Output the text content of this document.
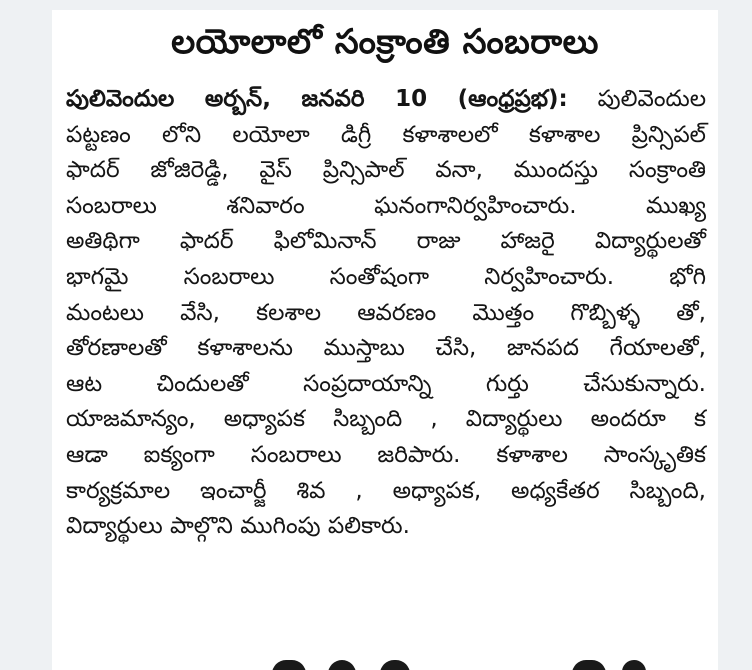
లయోలాలో సంక్రాంతి సంబరాలు
పులివెందుల అర్బన్, జనవరి 10 (ఆంధ్రప్రభ): పులివెందుల
పట్టణం లోని లయోలా డిగ్రీ కళాశాలలో కళాశాల ప్రిన్సిపల్
ఫాదర్ జోజిరెడ్డి, వైస్ ప్రిన్సిపాల్ వనా, ముందస్తు సంక్రాంతి
సంబరాలు శనివారం ఘనంగానిర్వహించారు. ముఖ్య
అతిథిగా ఫాదర్ ఫిలోమినాన్ రాజు హాజరై విద్యార్థులతో
భాగమై సంబరాలు సంతోషంగా నిర్వహించారు. భోగి
మంటలు వేసి, కలశాల ఆవరణం మొత్తం గొబ్బిళ్ళ తో,
తోరణాలతో కళాశాలను ముస్తాబు చేసి, జానపద గేయాలతో,
ఆట చిందులతో సంప్రదాయాన్ని గుర్తు చేసుకున్నారు.
యాజమాన్యం, అధ్యాపక సిబ్బంది , విద్యార్థులు అందరూ క
ఆడా ఐక్యంగా సంబరాలు జరిపారు. కళాశాల సాంస్కృతిక
కార్యక్రమాల ఇంచార్జీ శివ , అధ్యాపక, అధ్యకేతర సిబ్బంది,
విద్యార్థులు పాల్గొని ముగింపు పలికారు.
